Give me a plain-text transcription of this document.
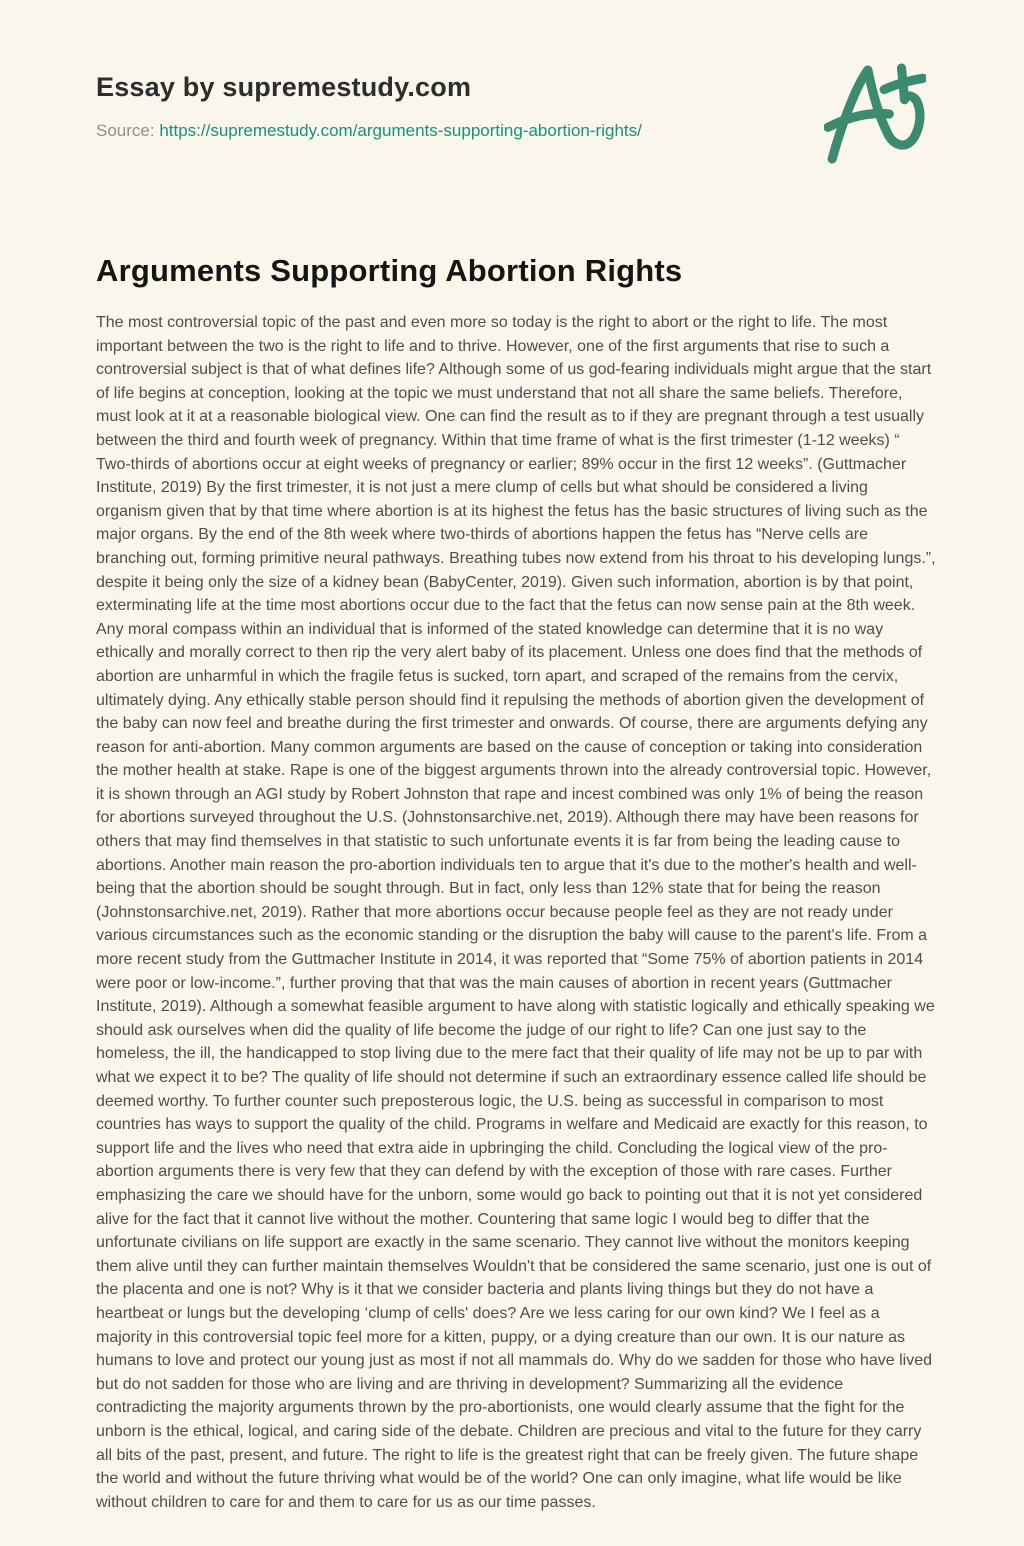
Essay by supremestudy.com
Source: https://supremestudy.com/arguments-supporting-abortion-rights/
Arguments Supporting Abortion Rights
The most controversial topic of the past and even more so today is the right to abort or the right to life. The most important between the two is the right to life and to thrive. However, one of the first arguments that rise to such a controversial subject is that of what defines life? Although some of us god-fearing individuals might argue that the start of life begins at conception, looking at the topic we must understand that not all share the same beliefs. Therefore, must look at it at a reasonable biological view. One can find the result as to if they are pregnant through a test usually between the third and fourth week of pregnancy. Within that time frame of what is the first trimester (1-12 weeks) “ Two-thirds of abortions occur at eight weeks of pregnancy or earlier; 89% occur in the first 12 weeks”. (Guttmacher Institute, 2019) By the first trimester, it is not just a mere clump of cells but what should be considered a living organism given that by that time where abortion is at its highest the fetus has the basic structures of living such as the major organs. By the end of the 8th week where two-thirds of abortions happen the fetus has “Nerve cells are branching out, forming primitive neural pathways. Breathing tubes now extend from his throat to his developing lungs.”, despite it being only the size of a kidney bean (BabyCenter, 2019). Given such information, abortion is by that point, exterminating life at the time most abortions occur due to the fact that the fetus can now sense pain at the 8th week. Any moral compass within an individual that is informed of the stated knowledge can determine that it is no way ethically and morally correct to then rip the very alert baby of its placement. Unless one does find that the methods of abortion are unharmful in which the fragile fetus is sucked, torn apart, and scraped of the remains from the cervix, ultimately dying. Any ethically stable person should find it repulsing the methods of abortion given the development of the baby can now feel and breathe during the first trimester and onwards. Of course, there are arguments defying any reason for anti-abortion. Many common arguments are based on the cause of conception or taking into consideration the mother health at stake. Rape is one of the biggest arguments thrown into the already controversial topic. However, it is shown through an AGI study by Robert Johnston that rape and incest combined was only 1% of being the reason for abortions surveyed throughout the U.S. (Johnstonsarchive.net, 2019). Although there may have been reasons for others that may find themselves in that statistic to such unfortunate events it is far from being the leading cause to abortions. Another main reason the pro-abortion individuals ten to argue that it's due to the mother's health and well-being that the abortion should be sought through. But in fact, only less than 12% state that for being the reason (Johnstonsarchive.net, 2019). Rather that more abortions occur because people feel as they are not ready under various circumstances such as the economic standing or the disruption the baby will cause to the parent's life. From a more recent study from the Guttmacher Institute in 2014, it was reported that “Some 75% of abortion patients in 2014 were poor or low-income.”, further proving that that was the main causes of abortion in recent years (Guttmacher Institute, 2019). Although a somewhat feasible argument to have along with statistic logically and ethically speaking we should ask ourselves when did the quality of life become the judge of our right to life? Can one just say to the homeless, the ill, the handicapped to stop living due to the mere fact that their quality of life may not be up to par with what we expect it to be? The quality of life should not determine if such an extraordinary essence called life should be deemed worthy. To further counter such preposterous logic, the U.S. being as successful in comparison to most countries has ways to support the quality of the child. Programs in welfare and Medicaid are exactly for this reason, to support life and the lives who need that extra aide in upbringing the child. Concluding the logical view of the pro-abortion arguments there is very few that they can defend by with the exception of those with rare cases. Further emphasizing the care we should have for the unborn, some would go back to pointing out that it is not yet considered alive for the fact that it cannot live without the mother. Countering that same logic I would beg to differ that the unfortunate civilians on life support are exactly in the same scenario. They cannot live without the monitors keeping them alive until they can further maintain themselves Wouldn't that be considered the same scenario, just one is out of the placenta and one is not? Why is it that we consider bacteria and plants living things but they do not have a heartbeat or lungs but the developing ‘clump of cells' does? Are we less caring for our own kind? We I feel as a majority in this controversial topic feel more for a kitten, puppy, or a dying creature than our own. It is our nature as humans to love and protect our young just as most if not all mammals do. Why do we sadden for those who have lived but do not sadden for those who are living and are thriving in development? Summarizing all the evidence contradicting the majority arguments thrown by the pro-abortionists, one would clearly assume that the fight for the unborn is the ethical, logical, and caring side of the debate. Children are precious and vital to the future for they carry all bits of the past, present, and future. The right to life is the greatest right that can be freely given. The future shape the world and without the future thriving what would be of the world? One can only imagine, what life would be like without children to care for and them to care for us as our time passes.
